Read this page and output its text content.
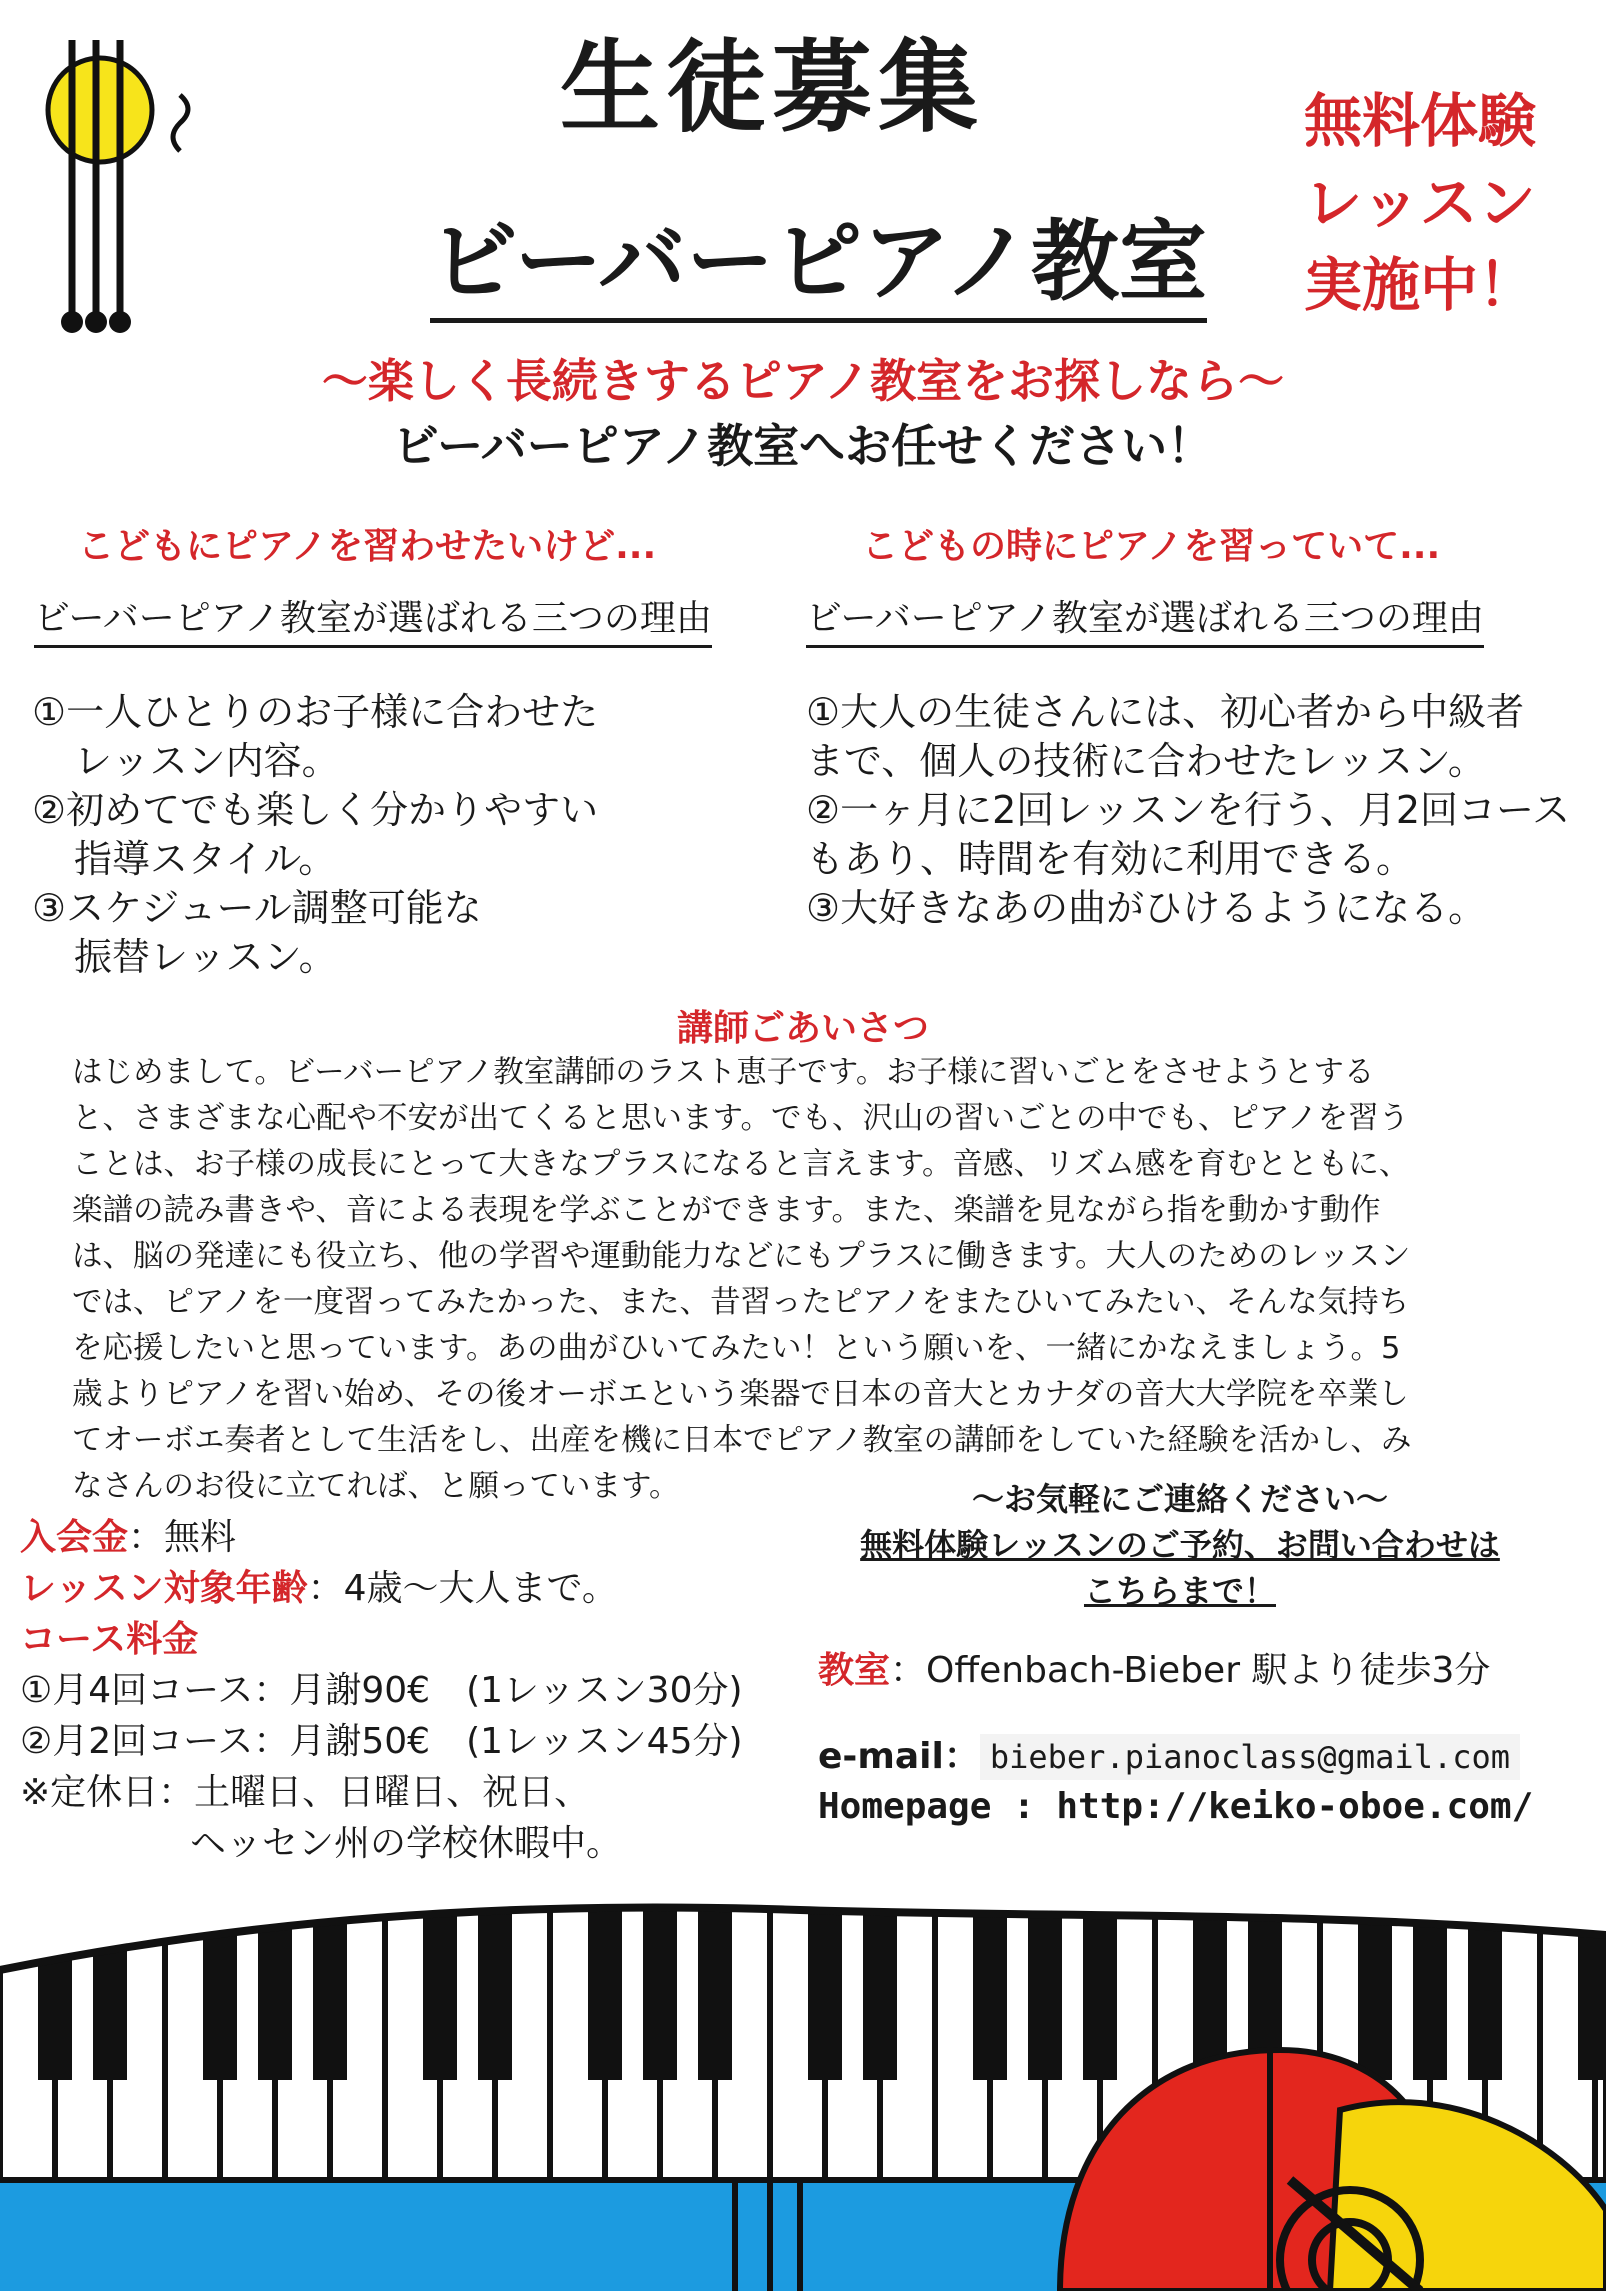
生徒募集
ビーバーピアノ教室
無料体験
レッスン
実施中！
〜楽しく長続きするピアノ教室をお探しなら〜
ビーバーピアノ教室へお任せください！
こどもにピアノを習わせたいけど...
ビーバーピアノ教室が選ばれる三つの理由
①一人ひとりのお子様に合わせた
レッスン内容。
②初めてでも楽しく分かりやすい
指導スタイル。
③スケジュール調整可能な
振替レッスン。
こどもの時にピアノを習っていて...
ビーバーピアノ教室が選ばれる三つの理由
①大人の生徒さんには、初心者から中級者
まで、個人の技術に合わせたレッスン。
②一ヶ月に2回レッスンを行う、月2回コース
もあり、時間を有効に利用できる。
③大好きなあの曲がひけるようになる。
講師ごあいさつ
はじめまして。ビーバーピアノ教室講師のラスト恵子です。お子様に習いごとをさせようとする
と、さまざまな心配や不安が出てくると思います。でも、沢山の習いごとの中でも、ピアノを習う
ことは、お子様の成長にとって大きなプラスになると言えます。音感、リズム感を育むとともに、
楽譜の読み書きや、音による表現を学ぶことができます。また、楽譜を見ながら指を動かす動作
は、脳の発達にも役立ち、他の学習や運動能力などにもプラスに働きます。大人のためのレッスン
では、ピアノを一度習ってみたかった、また、昔習ったピアノをまたひいてみたい、そんな気持ち
を応援したいと思っています。あの曲がひいてみたい！という願いを、一緒にかなえましょう。5
歳よりピアノを習い始め、その後オーボエという楽器で日本の音大とカナダの音大大学院を卒業し
てオーボエ奏者として生活をし、出産を機に日本でピアノ教室の講師をしていた経験を活かし、み
なさんのお役に立てれば、と願っています。
入会金：無料
レッスン対象年齢：4歳〜大人まで。
コース料金
①月4回コース：月謝90€　(1レッスン30分)
②月2回コース：月謝50€　(1レッスン45分)
※定休日：土曜日、日曜日、祝日、
ヘッセン州の学校休暇中。
〜お気軽にご連絡ください〜
無料体験レッスンのご予約、お問い合わせは
こちらまで！
教室：Offenbach-Bieber 駅より徒歩3分
e-mail： bieber.pianoclass@gmail.com
Homepage : http://keiko-oboe.com/
